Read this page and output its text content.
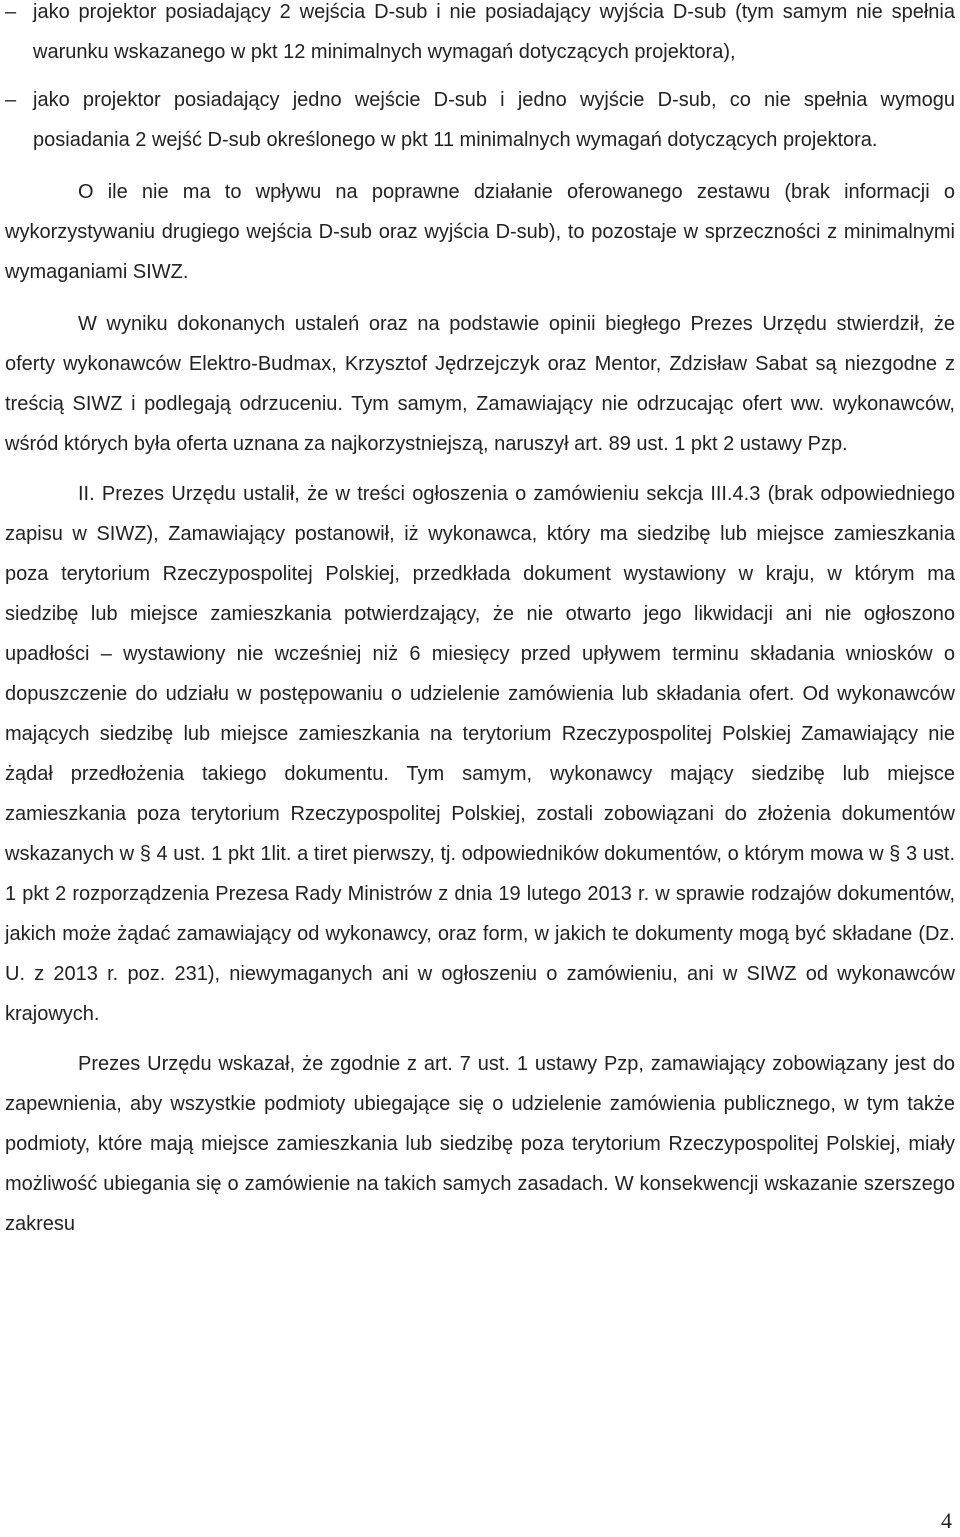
– jako projektor posiadający 2 wejścia D-sub i nie posiadający wyjścia D-sub (tym samym nie spełnia warunku wskazanego w pkt 12 minimalnych wymagań dotyczących projektora),
– jako projektor posiadający jedno wejście D-sub i jedno wyjście D-sub, co nie spełnia wymogu posiadania 2 wejść D-sub określonego w pkt 11 minimalnych wymagań dotyczących projektora.

O ile nie ma to wpływu na poprawne działanie oferowanego zestawu (brak informacji o wykorzystywaniu drugiego wejścia D-sub oraz wyjścia D-sub), to pozostaje w sprzeczności z minimalnymi wymaganiami SIWZ.

W wyniku dokonanych ustaleń oraz na podstawie opinii biegłego Prezes Urzędu stwierdził, że oferty wykonawców Elektro-Budmax, Krzysztof Jędrzejczyk oraz Mentor, Zdzisław Sabat są niezgodne z treścią SIWZ i podlegają odrzuceniu. Tym samym, Zamawiający nie odrzucając ofert ww. wykonawców, wśród których była oferta uznana za najkorzystniejszą, naruszył art. 89 ust. 1 pkt 2 ustawy Pzp.

II. Prezes Urzędu ustalił, że w treści ogłoszenia o zamówieniu sekcja III.4.3 (brak odpowiedniego zapisu w SIWZ), Zamawiający postanowił, iż wykonawca, który ma siedzibę lub miejsce zamieszkania poza terytorium Rzeczypospolitej Polskiej, przedkłada dokument wystawiony w kraju, w którym ma siedzibę lub miejsce zamieszkania potwierdzający, że nie otwarto jego likwidacji ani nie ogłoszono upadłości – wystawiony nie wcześniej niż 6 miesięcy przed upływem terminu składania wniosków o dopuszczenie do udziału w postępowaniu o udzielenie zamówienia lub składania ofert. Od wykonawców mających siedzibę lub miejsce zamieszkania na terytorium Rzeczypospolitej Polskiej Zamawiający nie żądał przedłożenia takiego dokumentu. Tym samym, wykonawcy mający siedzibę lub miejsce zamieszkania poza terytorium Rzeczypospolitej Polskiej, zostali zobowiązani do złożenia dokumentów wskazanych w § 4 ust. 1 pkt 1lit. a tiret pierwszy, tj. odpowiedników dokumentów, o którym mowa w § 3 ust. 1 pkt 2 rozporządzenia Prezesa Rady Ministrów z dnia 19 lutego 2013 r. w sprawie rodzajów dokumentów, jakich może żądać zamawiający od wykonawcy, oraz form, w jakich te dokumenty mogą być składane (Dz. U. z 2013 r. poz. 231), niewymaganych ani w ogłoszeniu o zamówieniu, ani w SIWZ od wykonawców krajowych.

Prezes Urzędu wskazał, że zgodnie z art. 7 ust. 1 ustawy Pzp, zamawiający zobowiązany jest do zapewnienia, aby wszystkie podmioty ubiegające się o udzielenie zamówienia publicznego, w tym także podmioty, które mają miejsce zamieszkania lub siedzibę poza terytorium Rzeczypospolitej Polskiej, miały możliwość ubiegania się o zamówienie na takich samych zasadach. W konsekwencji wskazanie szerszego zakresu

4
